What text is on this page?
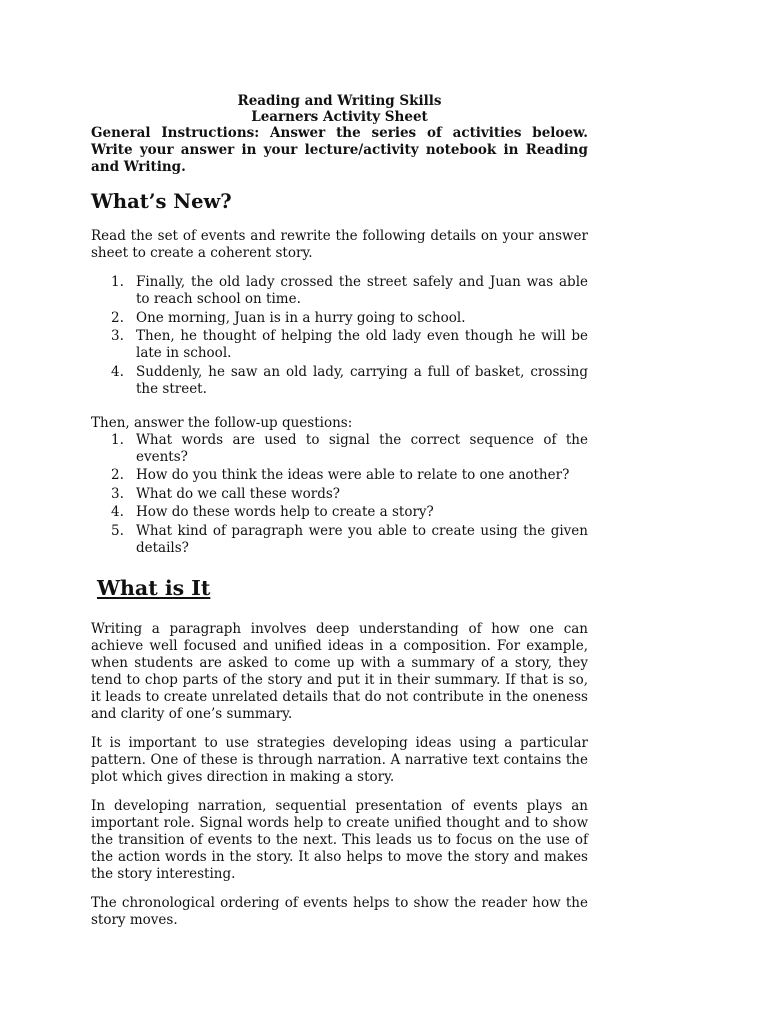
Reading and Writing Skills
Learners Activity Sheet

General Instructions: Answer the series of activities beloew. Write your answer in your lecture/activity notebook in Reading and Writing.

What’s New?

Read the set of events and rewrite the following details on your answer sheet to create a coherent story.

1. Finally, the old lady crossed the street safely and Juan was able to reach school on time.
2. One morning, Juan is in a hurry going to school.
3. Then, he thought of helping the old lady even though he will be late in school.
4. Suddenly, he saw an old lady, carrying a full of basket, crossing the street.

Then, answer the follow-up questions:

1. What words are used to signal the correct sequence of the events?
2. How do you think the ideas were able to relate to one another?
3. What do we call these words?
4. How do these words help to create a story?
5. What kind of paragraph were you able to create using the given details?
What is It

Writing a paragraph involves deep understanding of how one can achieve well focused and unified ideas in a composition. For example, when students are asked to come up with a summary of a story, they tend to chop parts of the story and put it in their summary. If that is so, it leads to create unrelated details that do not contribute in the oneness and clarity of one’s summary.

It is important to use strategies developing ideas using a particular pattern. One of these is through narration. A narrative text contains the plot which gives direction in making a story.

In developing narration, sequential presentation of events plays an important role. Signal words help to create unified thought and to show the transition of events to the next. This leads us to focus on the use of the action words in the story. It also helps to move the story and makes the story interesting.

The chronological ordering of events helps to show the reader how the story moves.
